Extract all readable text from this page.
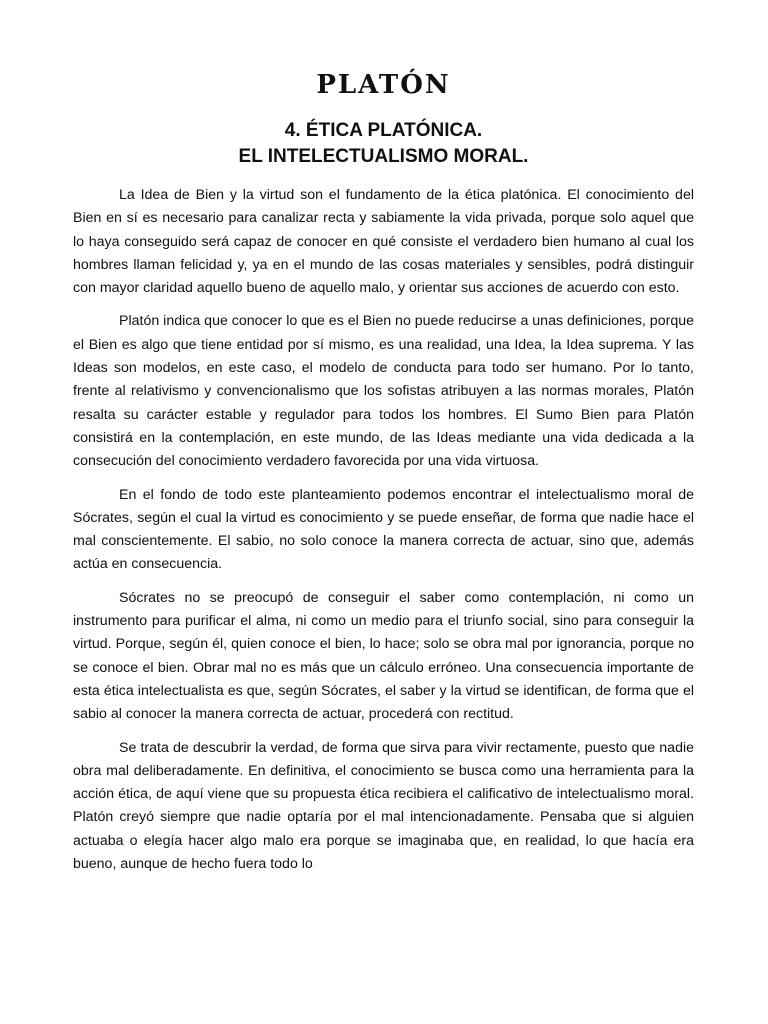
PLATÓN
4. ÉTICA PLATÓNICA.
EL INTELECTUALISMO MORAL.

La Idea de Bien y la virtud son el fundamento de la ética platónica. El conocimiento del Bien en sí es necesario para canalizar recta y sabiamente la vida privada, porque solo aquel que lo haya conseguido será capaz de conocer en qué consiste el verdadero bien humano al cual los hombres llaman felicidad y, ya en el mundo de las cosas materiales y sensibles, podrá distinguir con mayor claridad aquello bueno de aquello malo, y orientar sus acciones de acuerdo con esto.

Platón indica que conocer lo que es el Bien no puede reducirse a unas definiciones, porque el Bien es algo que tiene entidad por sí mismo, es una realidad, una Idea, la Idea suprema. Y las Ideas son modelos, en este caso, el modelo de conducta para todo ser humano. Por lo tanto, frente al relativismo y convencionalismo que los sofistas atribuyen a las normas morales, Platón resalta su carácter estable y regulador para todos los hombres. El Sumo Bien para Platón consistirá en la contemplación, en este mundo, de las Ideas mediante una vida dedicada a la consecución del conocimiento verdadero favorecida por una vida virtuosa.

En el fondo de todo este planteamiento podemos encontrar el intelectualismo moral de Sócrates, según el cual la virtud es conocimiento y se puede enseñar, de forma que nadie hace el mal conscientemente. El sabio, no solo conoce la manera correcta de actuar, sino que, además actúa en consecuencia.

Sócrates no se preocupó de conseguir el saber como contemplación, ni como un instrumento para purificar el alma, ni como un medio para el triunfo social, sino para conseguir la virtud. Porque, según él, quien conoce el bien, lo hace; solo se obra mal por ignorancia, porque no se conoce el bien. Obrar mal no es más que un cálculo erróneo. Una consecuencia importante de esta ética intelectualista es que, según Sócrates, el saber y la virtud se identifican, de forma que el sabio al conocer la manera correcta de actuar, procederá con rectitud.

Se trata de descubrir la verdad, de forma que sirva para vivir rectamente, puesto que nadie obra mal deliberadamente. En definitiva, el conocimiento se busca como una herramienta para la acción ética, de aquí viene que su propuesta ética recibiera el calificativo de intelectualismo moral. Platón creyó siempre que nadie optaría por el mal intencionadamente. Pensaba que si alguien actuaba o elegía hacer algo malo era porque se imaginaba que, en realidad, lo que hacía era bueno, aunque de hecho fuera todo lo
